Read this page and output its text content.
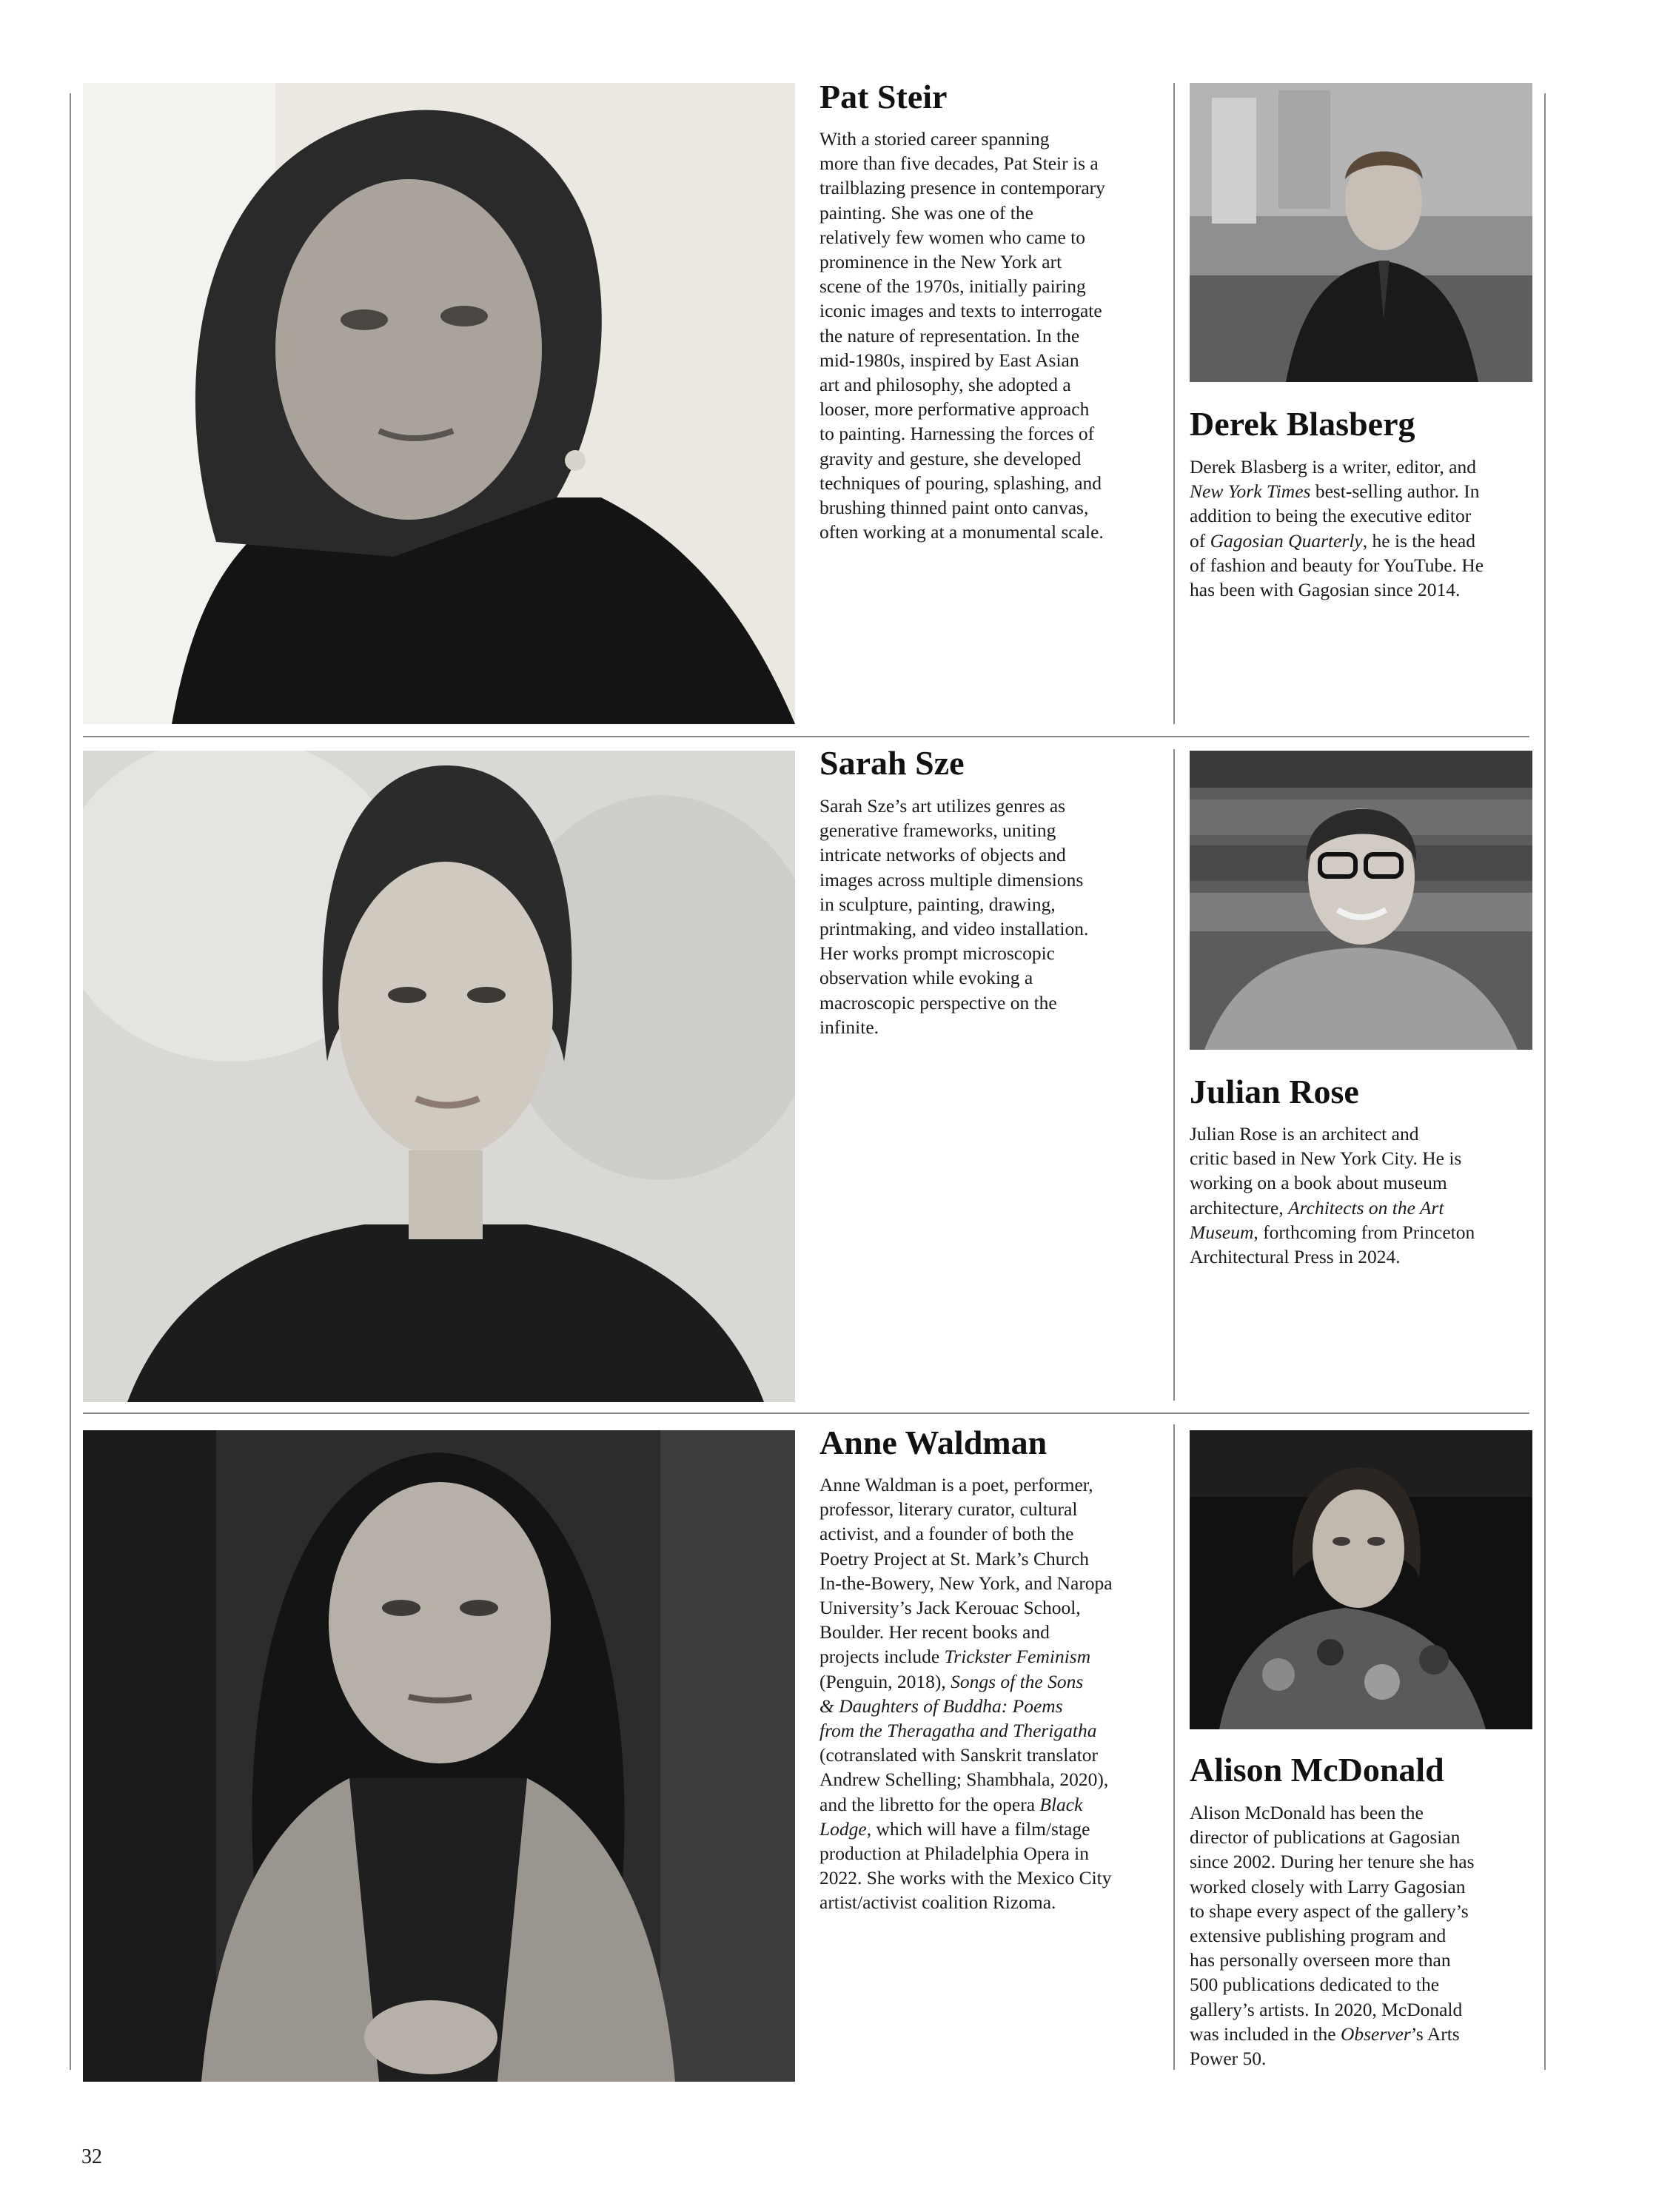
Pat Steir
With a storied career spanning
more than five decades, Pat Steir is a
trailblazing presence in contemporary
painting. She was one of the
relatively few women who came to
prominence in the New York art
scene of the 1970s, initially pairing
iconic images and texts to interrogate
the nature of representation. In the
mid-1980s, inspired by East Asian
art and philosophy, she adopted a
looser, more performative approach
to painting. Harnessing the forces of
gravity and gesture, she developed
techniques of pouring, splashing, and
brushing thinned paint onto canvas,
often working at a monumental scale.
Derek Blasberg
Derek Blasberg is a writer, editor, and
New York Times best-selling author. In
addition to being the executive editor
of Gagosian Quarterly, he is the head
of fashion and beauty for YouTube. He
has been with Gagosian since 2014.
Sarah Sze
Sarah Sze’s art utilizes genres as
generative frameworks, uniting
intricate networks of objects and
images across multiple dimensions
in sculpture, painting, drawing,
printmaking, and video installation.
Her works prompt microscopic
observation while evoking a
macroscopic perspective on the
infinite.
Julian Rose
Julian Rose is an architect and
critic based in New York City. He is
working on a book about museum
architecture, Architects on the Art
Museum, forthcoming from Princeton
Architectural Press in 2024.
Anne Waldman
Anne Waldman is a poet, performer,
professor, literary curator, cultural
activist, and a founder of both the
Poetry Project at St. Mark’s Church
In-the-Bowery, New York, and Naropa
University’s Jack Kerouac School,
Boulder. Her recent books and
projects include Trickster Feminism
(Penguin, 2018), Songs of the Sons
& Daughters of Buddha: Poems
from the Theragatha and Therigatha
(cotranslated with Sanskrit translator
Andrew Schelling; Shambhala, 2020),
and the libretto for the opera Black
Lodge, which will have a film/stage
production at Philadelphia Opera in
2022. She works with the Mexico City
artist/activist coalition Rizoma.
Alison McDonald
Alison McDonald has been the
director of publications at Gagosian
since 2002. During her tenure she has
worked closely with Larry Gagosian
to shape every aspect of the gallery’s
extensive publishing program and
has personally overseen more than
500 publications dedicated to the
gallery’s artists. In 2020, McDonald
was included in the Observer’s Arts
Power 50.
32
